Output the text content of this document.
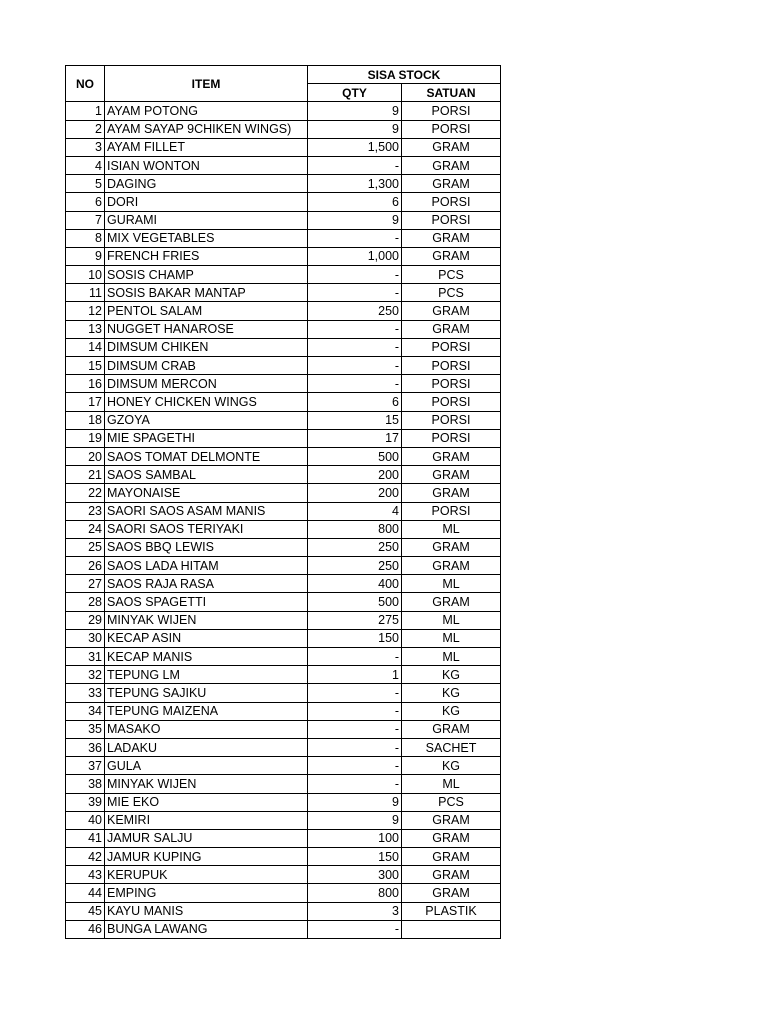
NO	ITEM	SISA STOCK	
		QTY	SATUAN
1	AYAM POTONG	9	PORSI
2	AYAM SAYAP 9CHIKEN WINGS)	9	PORSI
3	AYAM FILLET	1,500	GRAM
4	ISIAN WONTON	-	GRAM
5	DAGING	1,300	GRAM
6	DORI	6	PORSI
7	GURAMI	9	PORSI
8	MIX VEGETABLES	-	GRAM
9	FRENCH FRIES	1,000	GRAM
10	SOSIS CHAMP	-	PCS
11	SOSIS BAKAR MANTAP	-	PCS
12	PENTOL SALAM	250	GRAM
13	NUGGET HANAROSE	-	GRAM
14	DIMSUM CHIKEN	-	PORSI
15	DIMSUM CRAB	-	PORSI
16	DIMSUM MERCON	-	PORSI
17	HONEY CHICKEN WINGS	6	PORSI
18	GZOYA	15	PORSI
19	MIE SPAGETHI	17	PORSI
20	SAOS TOMAT DELMONTE	500	GRAM
21	SAOS SAMBAL	200	GRAM
22	MAYONAISE	200	GRAM
23	SAORI SAOS ASAM MANIS	4	PORSI
24	SAORI SAOS TERIYAKI	800	ML
25	SAOS BBQ LEWIS	250	GRAM
26	SAOS LADA HITAM	250	GRAM
27	SAOS RAJA RASA	400	ML
28	SAOS SPAGETTI	500	GRAM
29	MINYAK WIJEN	275	ML
30	KECAP ASIN	150	ML
31	KECAP MANIS	-	ML
32	TEPUNG LM	1	KG
33	TEPUNG SAJIKU	-	KG
34	TEPUNG MAIZENA	-	KG
35	MASAKO	-	GRAM
36	LADAKU	-	SACHET
37	GULA	-	KG
38	MINYAK WIJEN	-	ML
39	MIE EKO	9	PCS
40	KEMIRI	9	GRAM
41	JAMUR SALJU	100	GRAM
42	JAMUR KUPING	150	GRAM
43	KERUPUK	300	GRAM
44	EMPING	800	GRAM
45	KAYU MANIS	3	PLASTIK
46	BUNGA LAWANG	-	
